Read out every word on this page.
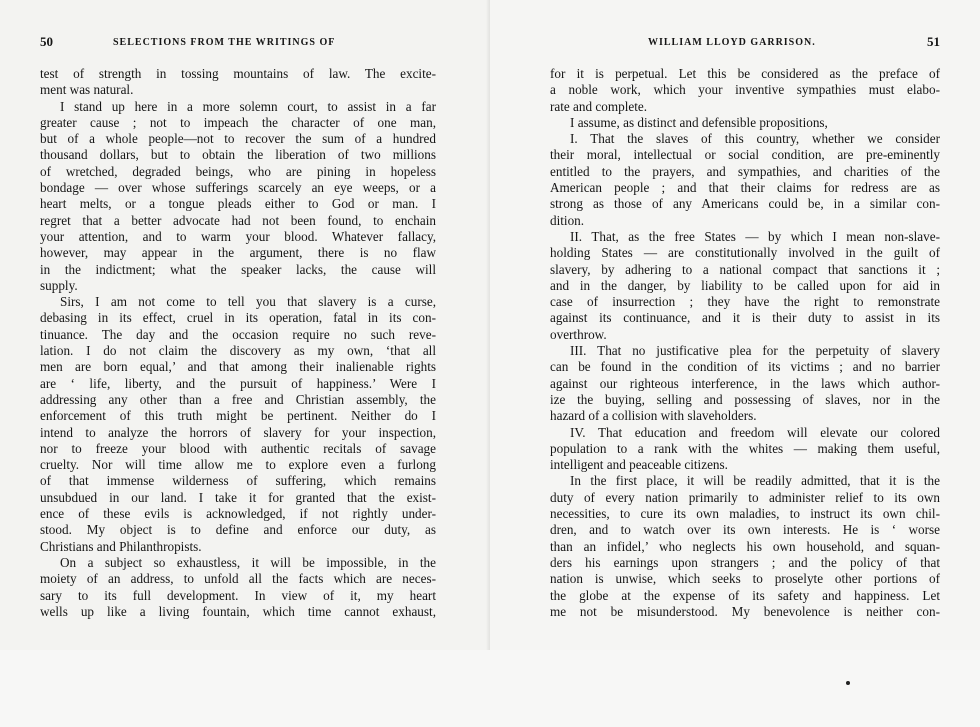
50	SELECTIONS FROM THE WRITINGS OF
test of strength in tossing mountains of law. The excite-
ment was natural.
I stand up here in a more solemn court, to assist in a far
greater cause ; not to impeach the character of one man,
but of a whole people—not to recover the sum of a hundred
thousand dollars, but to obtain the liberation of two millions
of wretched, degraded beings, who are pining in hopeless
bondage — over whose sufferings scarcely an eye weeps, or a
heart melts, or a tongue pleads either to God or man. I
regret that a better advocate had not been found, to enchain
your attention, and to warm your blood. Whatever fallacy,
however, may appear in the argument, there is no flaw
in the indictment; what the speaker lacks, the cause will
supply.
Sirs, I am not come to tell you that slavery is a curse,
debasing in its effect, cruel in its operation, fatal in its con-
tinuance. The day and the occasion require no such reve-
lation. I do not claim the discovery as my own, ‘that all
men are born equal,’ and that among their inalienable rights
are ‘ life, liberty, and the pursuit of happiness.’ Were I
addressing any other than a free and Christian assembly, the
enforcement of this truth might be pertinent. Neither do I
intend to analyze the horrors of slavery for your inspection,
nor to freeze your blood with authentic recitals of savage
cruelty. Nor will time allow me to explore even a furlong
of that immense wilderness of suffering, which remains
unsubdued in our land. I take it for granted that the exist-
ence of these evils is acknowledged, if not rightly under-
stood. My object is to define and enforce our duty, as
Christians and Philanthropists.
On a subject so exhaustless, it will be impossible, in the
moiety of an address, to unfold all the facts which are neces-
sary to its full development. In view of it, my heart
wells up like a living fountain, which time cannot exhaust,
WILLIAM LLOYD GARRISON.	51
for it is perpetual. Let this be considered as the preface of
a noble work, which your inventive sympathies must elabo-
rate and complete.
I assume, as distinct and defensible propositions,
I. That the slaves of this country, whether we consider
their moral, intellectual or social condition, are pre-eminently
entitled to the prayers, and sympathies, and charities of the
American people ; and that their claims for redress are as
strong as those of any Americans could be, in a similar con-
dition.
II. That, as the free States — by which I mean non-slave-
holding States — are constitutionally involved in the guilt of
slavery, by adhering to a national compact that sanctions it ;
and in the danger, by liability to be called upon for aid in
case of insurrection ; they have the right to remonstrate
against its continuance, and it is their duty to assist in its
overthrow.
III. That no justificative plea for the perpetuity of slavery
can be found in the condition of its victims ; and no barrier
against our righteous interference, in the laws which author-
ize the buying, selling and possessing of slaves, nor in the
hazard of a collision with slaveholders.
IV. That education and freedom will elevate our colored
population to a rank with the whites — making them useful,
intelligent and peaceable citizens.
In the first place, it will be readily admitted, that it is the
duty of every nation primarily to administer relief to its own
necessities, to cure its own maladies, to instruct its own chil-
dren, and to watch over its own interests. He is ‘ worse
than an infidel,’ who neglects his own household, and squan-
ders his earnings upon strangers ; and the policy of that
nation is unwise, which seeks to proselyte other portions of
the globe at the expense of its safety and happiness. Let
me not be misunderstood. My benevolence is neither con-
